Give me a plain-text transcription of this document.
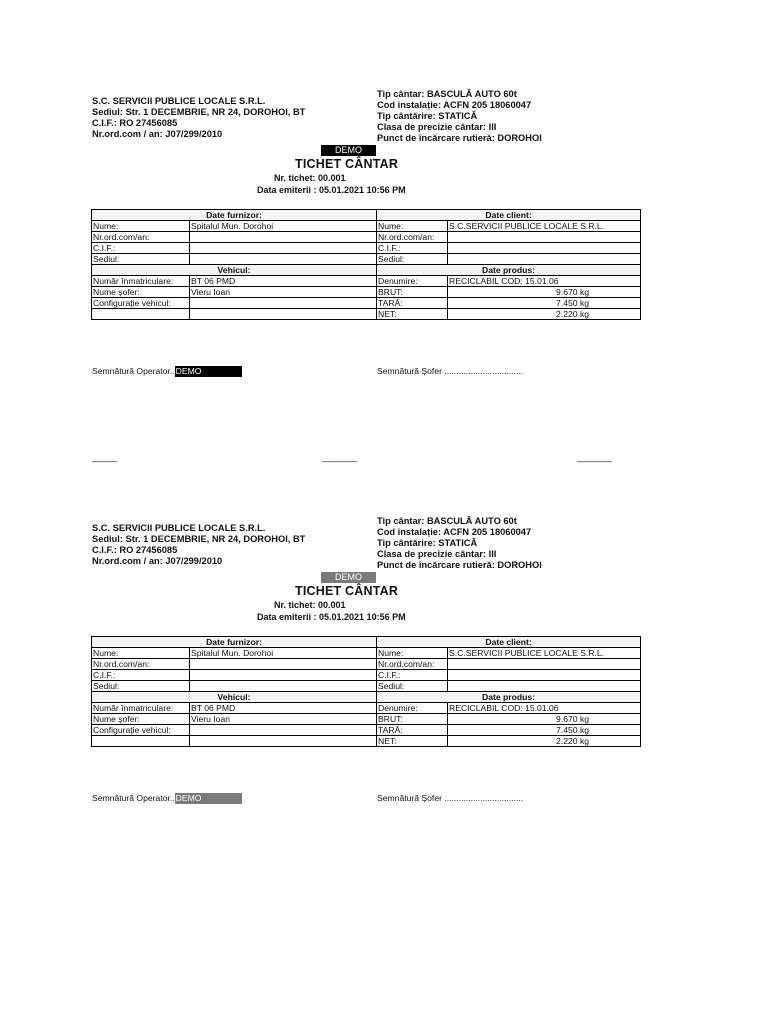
S.C. SERVICII PUBLICE LOCALE S.R.L.
Sediul: Str. 1 DECEMBRIE, NR 24, DOROHOI, BT
C.I.F.: RO 27456085
Nr.ord.com / an: J07/299/2010
Tip cântar: BASCULĂ AUTO 60t
Cod instalație: ACFN 205 18060047
Tip cântărire: STATICĂ
Clasa de precizie cântar: III
Punct de încărcare rutieră: DOROHOI
DEMO
TICHET CÂNTAR
Nr. tichet: 00.001
Data emiterii : 05.01.2021 10:56 PM
Date furnizor:		Date client:	
Nume:	Spitalul Mun. Dorohoi	Nume:	S.C.SERVICII PUBLICE LOCALE S.R.L.
Nr.ord.com/an:		Nr.ord.com/an:	
C.I.F.:		C.I.F.:	
Sediul:		Sediul:	
Vehicul:		Date produs:	
Număr înmatriculare:	BT 06 PMD	Denumire:	RECICLABIL COD: 15.01.06
Nume șofer:	Vieru Ioan	BRUT:	9.670 kg
Configurație vehicul:		TARĂ:	7.450 kg
		NET:	2.220 kg
Semnătură Operator..DEMO	Semnătură Șofer .................................
_____	_______	_______
S.C. SERVICII PUBLICE LOCALE S.R.L.
Sediul: Str. 1 DECEMBRIE, NR 24, DOROHOI, BT
C.I.F.: RO 27456085
Nr.ord.com / an: J07/299/2010
Tip cântar: BASCULĂ AUTO 60t
Cod instalație: ACFN 205 18060047
Tip cântărire: STATICĂ
Clasa de precizie cântar: III
Punct de încărcare rutieră: DOROHOI
DEMO
TICHET CÂNTAR
Nr. tichet: 00.001
Data emiterii : 05.01.2021 10:56 PM
Date furnizor:		Date client:	
Nume:	Spitalul Mun. Dorohoi	Nume:	S.C.SERVICII PUBLICE LOCALE S.R.L.
Nr.ord.com/an:		Nr.ord.com/an:	
C.I.F.:		C.I.F.:	
Sediul:		Sediul:	
Vehicul:		Date produs:	
Număr înmatriculare:	BT 06 PMD	Denumire:	RECICLABIL COD: 15.01.06
Nume șofer:	Vieru Ioan	BRUT:	9.670 kg
Configurație vehicul:		TARĂ:	7.450 kg
		NET:	2.220 kg
Semnătură Operator..DEMO	Semnătură Șofer .................................
